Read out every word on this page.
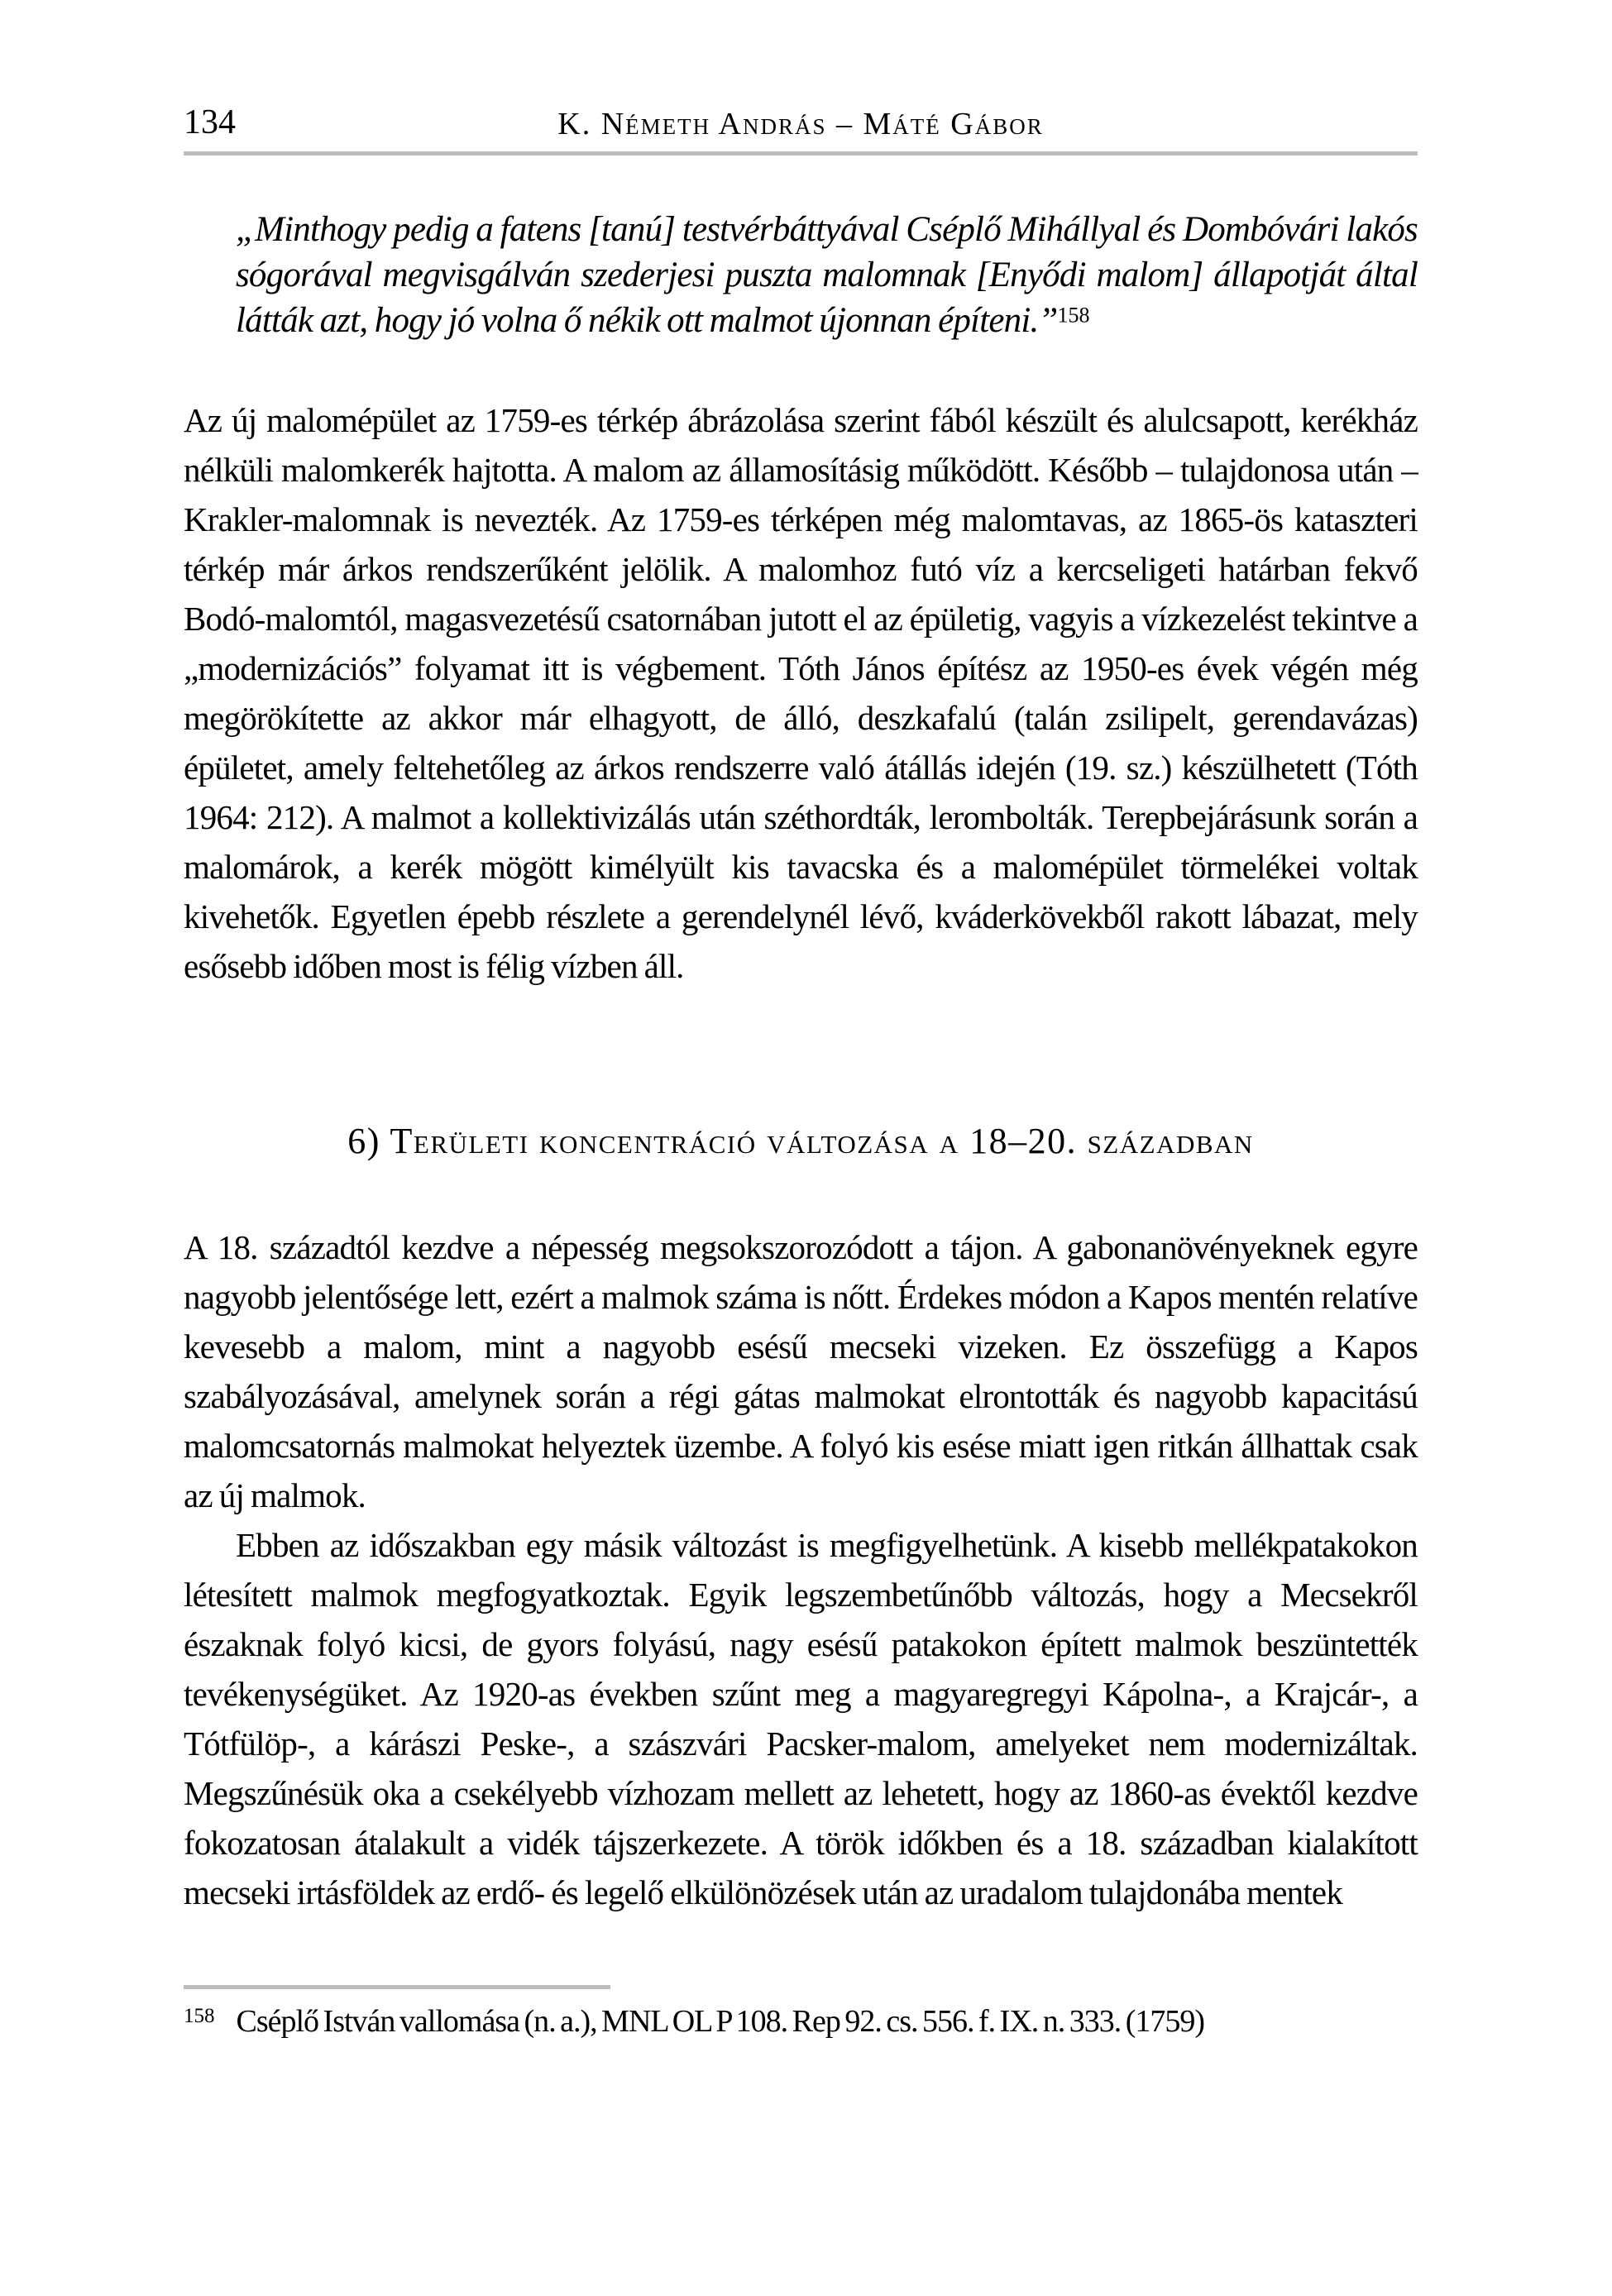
134	K. Németh András – Máté Gábor
„Minthogy pedig a fatens [tanú] testvérbáttyával Cséplő Mihállyal és Dombóvári lakós sógorával megvisgálván szederjesi puszta malomnak [Enyődi malom] állapotját által látták azt, hogy jó volna ő nékik ott malmot újonnan építeni.”$^{158}$

Az új malomépület az 1759-es térkép ábrázolása szerint fából készült és alulcsapott, kerékház nélküli malomkerék hajtotta. A malom az államosításig működött. Később – tulajdonosa után – Krakler-malomnak is nevezték. Az 1759-es térképen még malomtavas, az 1865-ös kataszteri térkép már árkos rendszerűként jelölik. A malomhoz futó víz a kercseligeti határban fekvő Bodó-malomtól, magasvezetésű csatornában jutott el az épületig, vagyis a vízkezelést tekintve a „modernizációs” folyamat itt is végbement. Tóth János építész az 1950-es évek végén még megörökítette az akkor már elhagyott, de álló, deszkafalú (talán zsilipelt, gerendavázas) épületet, amely feltehetőleg az árkos rendszerre való átállás idején (19. sz.) készülhetett (Tóth 1964: 212). A malmot a kollektivizálás után széthordták, lerombolták. Terepbejárásunk során a malomárok, a kerék mögött kimélyült kis tavacska és a malomépület törmelékei voltak kivehetők. Egyetlen épebb részlete a gerendelynél lévő, kváderkövekből rakott lábazat, mely esősebb időben most is félig vízben áll.

6) Területi koncentráció változása a 18–20. században

A 18. századtól kezdve a népesség megsokszorozódott a tájon. A gabonanövényeknek egyre nagyobb jelentősége lett, ezért a malmok száma is nőtt. Érdekes módon a Kapos mentén relatíve kevesebb a malom, mint a nagyobb esésű mecseki vizeken. Ez összefügg a Kapos szabályozásával, amelynek során a régi gátas malmokat elrontották és nagyobb kapacitású malomcsatornás malmokat helyeztek üzembe. A folyó kis esése miatt igen ritkán állhattak csak az új malmok.

Ebben az időszakban egy másik változást is megfigyelhetünk. A kisebb mellékpatakokon létesített malmok megfogyatkoztak. Egyik legszembetűnőbb változás, hogy a Mecsekről északnak folyó kicsi, de gyors folyású, nagy esésű patakokon épített malmok beszüntették tevékenységüket. Az 1920-as években szűnt meg a magyaregregyi Kápolna-, a Krajcár-, a Tótfülöp-, a kárászi Peske-, a szászvári Pacsker-malom, amelyeket nem modernizáltak. Megszűnésük oka a csekélyebb vízhozam mellett az lehetett, hogy az 1860-as évektől kezdve fokozatosan átalakult a vidék tájszerkezete. A török időkben és a 18. században kialakított mecseki irtásföldek az erdő- és legelő elkülönözések után az uradalom tulajdonába mentek

$^{158}$ Cséplő István vallomása (n. a.), MNL OL P 108. Rep 92. cs. 556. f. IX. n. 333. (1759)
